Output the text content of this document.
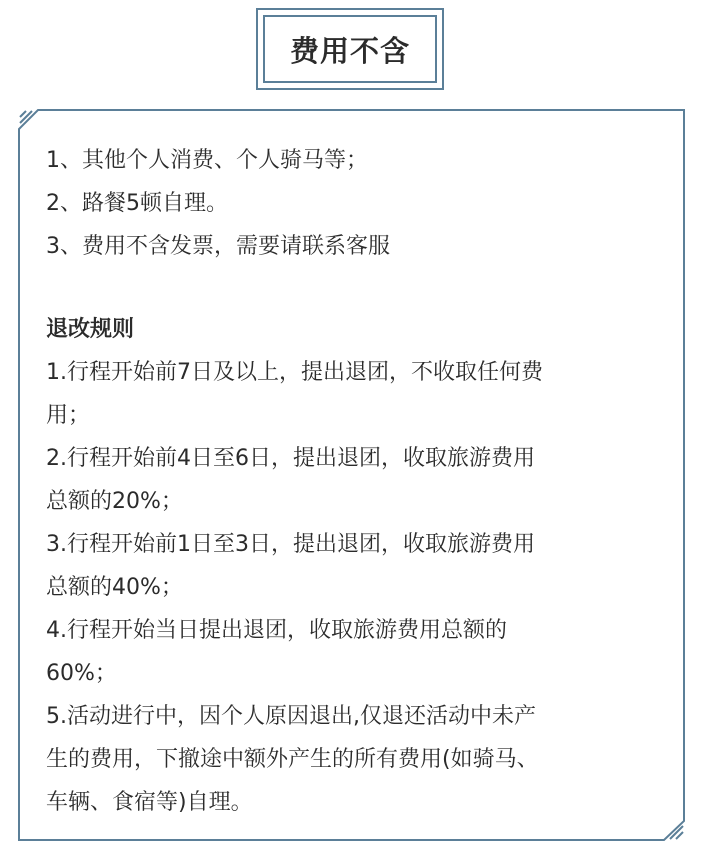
费用不含
1、其他个人消费、个人骑马等；
2、路餐5顿自理。
3、费用不含发票，需要请联系客服
退改规则
1.行程开始前7日及以上，提出退团，不收取任何费
用；
2.行程开始前4日至6日，提出退团，收取旅游费用
总额的20%；
3.行程开始前1日至3日，提出退团，收取旅游费用
总额的40%；
4.行程开始当日提出退团，收取旅游费用总额的
60%；
5.活动进行中，因个人原因退出,仅退还活动中未产
生的费用，下撤途中额外产生的所有费用(如骑马、
车辆、食宿等)自理。
